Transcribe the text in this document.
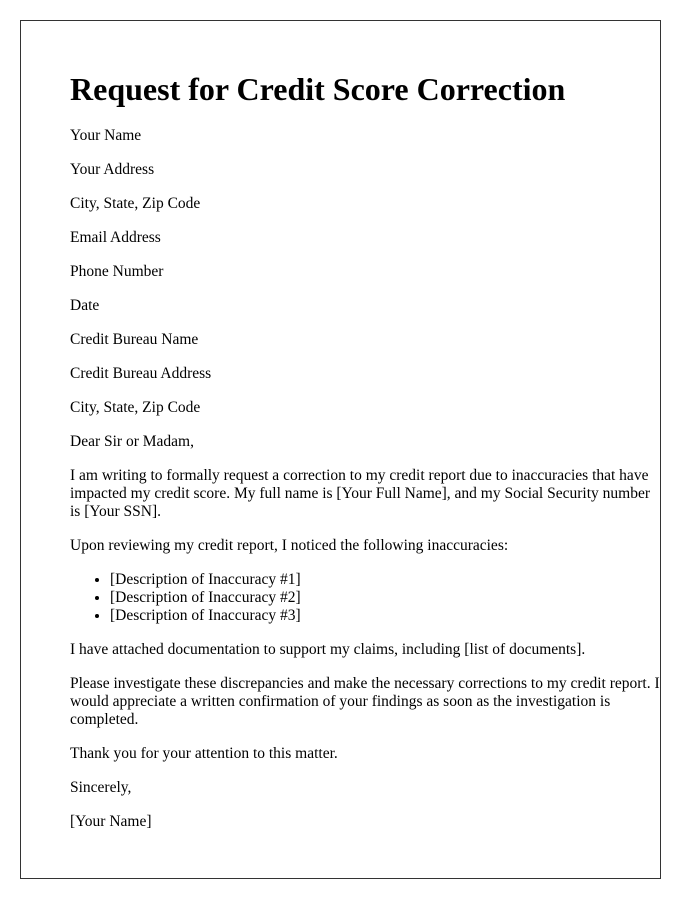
Request for Credit Score Correction

Your Name

Your Address

City, State, Zip Code

Email Address

Phone Number

Date

Credit Bureau Name

Credit Bureau Address

City, State, Zip Code

Dear Sir or Madam,

I am writing to formally request a correction to my credit report due to inaccuracies that have impacted my credit score. My full name is [Your Full Name], and my Social Security number is [Your SSN].

Upon reviewing my credit report, I noticed the following inaccuracies:

• [Description of Inaccuracy #1]
• [Description of Inaccuracy #2]
• [Description of Inaccuracy #3]

I have attached documentation to support my claims, including [list of documents].

Please investigate these discrepancies and make the necessary corrections to my credit report. I would appreciate a written confirmation of your findings as soon as the investigation is completed.

Thank you for your attention to this matter.

Sincerely,

[Your Name]
